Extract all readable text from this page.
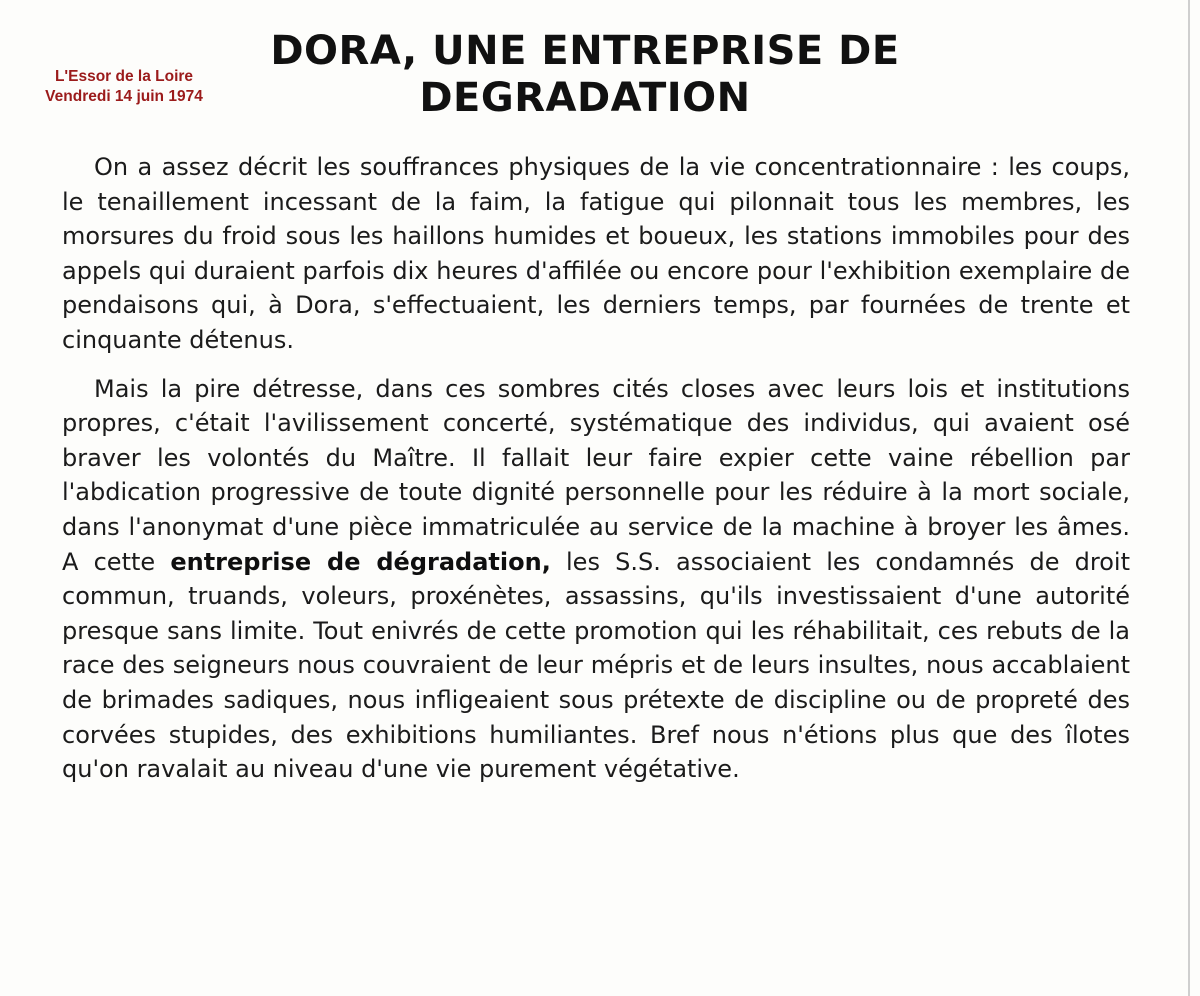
L'Essor de la Loire
Vendredi 14 juin 1974
DORA, UNE ENTREPRISE DE
DEGRADATION

On a assez décrit les souffrances physiques de la vie concentrationnaire : les coups, le tenaillement incessant de la faim, la fatigue qui pilonnait tous les membres, les morsures du froid sous les haillons humides et boueux, les stations immobiles pour des appels qui duraient parfois dix heures d'affilée ou encore pour l'exhibition exemplaire de pendaisons qui, à Dora, s'effectuaient, les derniers temps, par fournées de trente et cinquante détenus.

Mais la pire détresse, dans ces sombres cités closes avec leurs lois et institutions propres, c'était l'avilissement concerté, systématique des individus, qui avaient osé braver les volontés du Maître. Il fallait leur faire expier cette vaine rébellion par l'abdication progressive de toute dignité personnelle pour les réduire à la mort sociale, dans l'anonymat d'une pièce immatriculée au service de la machine à broyer les âmes. A cette entreprise de dégradation, les S.S. associaient les condamnés de droit commun, truands, voleurs, proxénètes, assassins, qu'ils investissaient d'une autorité presque sans limite. Tout enivrés de cette promotion qui les réhabilitait, ces rebuts de la race des seigneurs nous couvraient de leur mépris et de leurs insultes, nous accablaient de brimades sadiques, nous infligeaient sous prétexte de discipline ou de propreté des corvées stupides, des exhibitions humiliantes. Bref nous n'étions plus que des îlotes qu'on ravalait au niveau d'une vie purement végétative.
